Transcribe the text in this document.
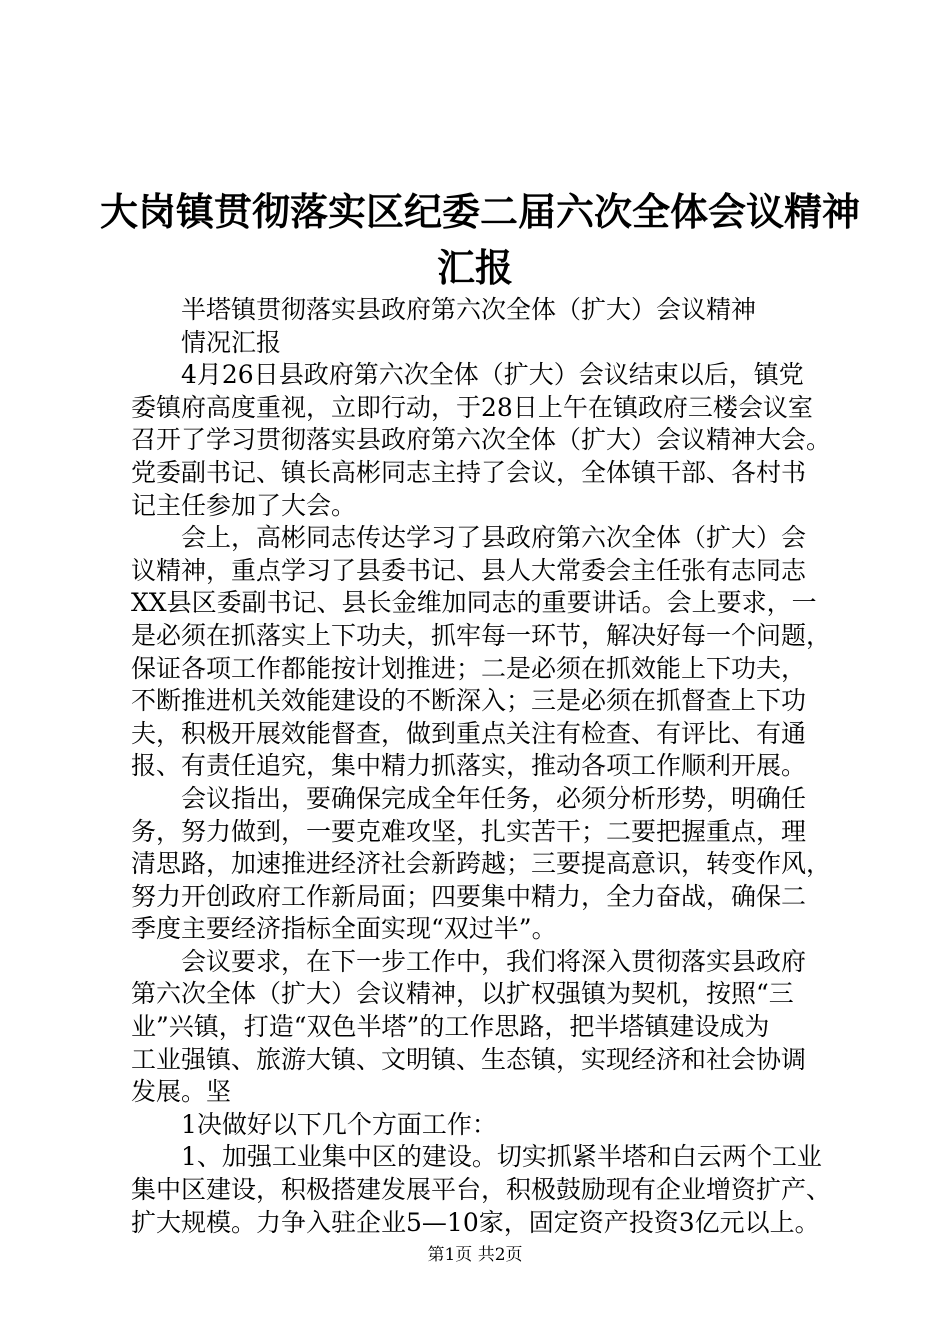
大岗镇贯彻落实区纪委二届六次全体会议精神
汇报
半塔镇贯彻落实县政府第六次全体（扩大）会议精神
情况汇报
4月26日县政府第六次全体（扩大）会议结束以后，镇党
委镇府高度重视，立即行动，于28日上午在镇政府三楼会议室
召开了学习贯彻落实县政府第六次全体（扩大）会议精神大会。
党委副书记、镇长高彬同志主持了会议，全体镇干部、各村书
记主任参加了大会。
会上，高彬同志传达学习了县政府第六次全体（扩大）会
议精神，重点学习了县委书记、县人大常委会主任张有志同志
XX县区委副书记、县长金维加同志的重要讲话。会上要求，一
是必须在抓落实上下功夫，抓牢每一环节，解决好每一个问题，
保证各项工作都能按计划推进；二是必须在抓效能上下功夫，
不断推进机关效能建设的不断深入；三是必须在抓督查上下功
夫，积极开展效能督查，做到重点关注有检查、有评比、有通
报、有责任追究，集中精力抓落实，推动各项工作顺利开展。
会议指出，要确保完成全年任务，必须分析形势，明确任
务，努力做到，一要克难攻坚，扎实苦干；二要把握重点，理
清思路，加速推进经济社会新跨越；三要提高意识，转变作风，
努力开创政府工作新局面；四要集中精力，全力奋战，确保二
季度主要经济指标全面实现“双过半”。
会议要求，在下一步工作中，我们将深入贯彻落实县政府
第六次全体（扩大）会议精神，以扩权强镇为契机，按照“三
业”兴镇，打造“双色半塔”的工作思路，把半塔镇建设成为
工业强镇、旅游大镇、文明镇、生态镇，实现经济和社会协调
发展。坚
1决做好以下几个方面工作：
1、加强工业集中区的建设。切实抓紧半塔和白云两个工业
集中区建设，积极搭建发展平台，积极鼓励现有企业增资扩产、
扩大规模。力争入驻企业5—10家，固定资产投资3亿元以上。
第1页 共2页
